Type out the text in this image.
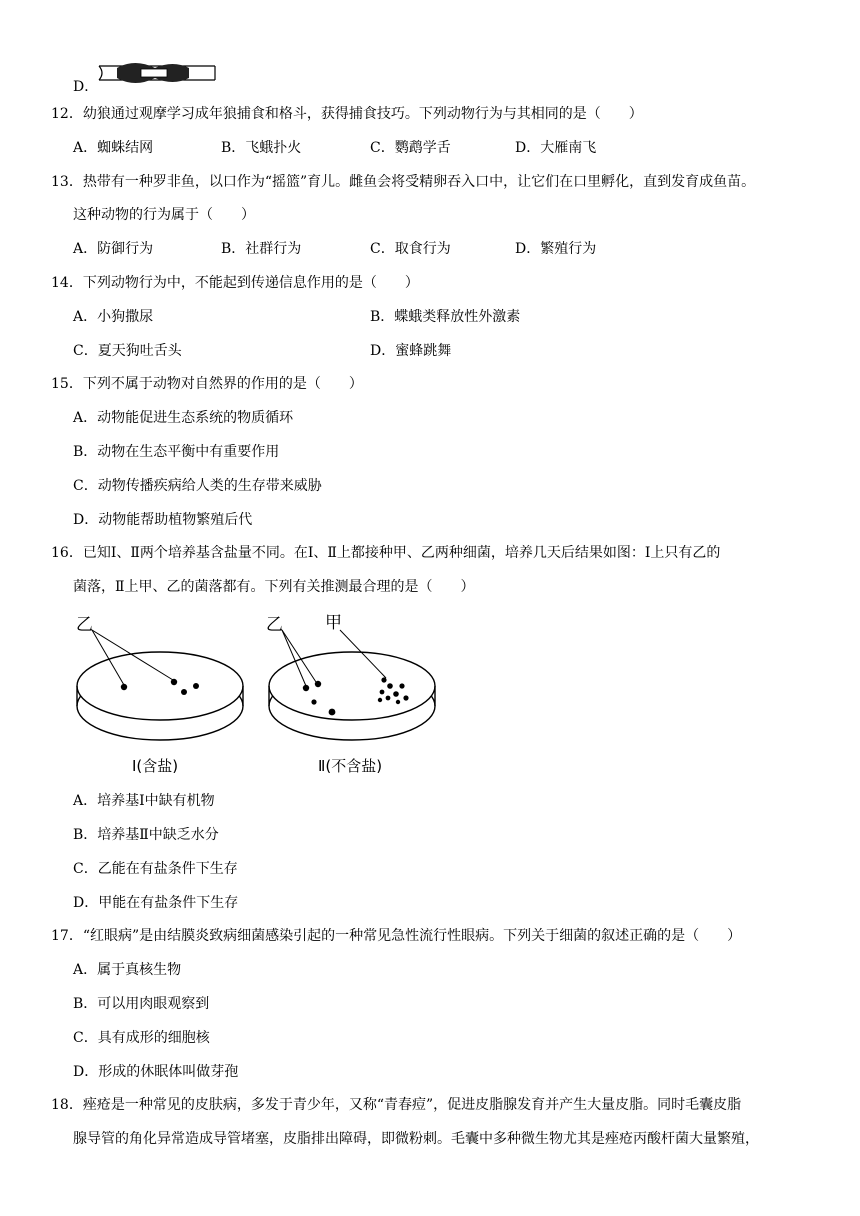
D．
12．幼狼通过观摩学习成年狼捕食和格斗，获得捕食技巧。下列动物行为与其相同的是（　　）
A．蜘蛛结网	B．飞蛾扑火	C．鹦鹉学舌	D．大雁南飞
13．热带有一种罗非鱼，以口作为“摇篮”育儿。雌鱼会将受精卵吞入口中，让它们在口里孵化，直到发育成鱼苗。
这种动物的行为属于（　　）
A．防御行为	B．社群行为	C．取食行为	D．繁殖行为
14．下列动物行为中，不能起到传递信息作用的是（　　）
A．小狗撒尿	B．蝶蛾类释放性外激素
C．夏天狗吐舌头	D．蜜蜂跳舞
15．下列不属于动物对自然界的作用的是（　　）
A．动物能促进生态系统的物质循环
B．动物在生态平衡中有重要作用
C．动物传播疾病给人类的生存带来威胁
D．动物能帮助植物繁殖后代
16．已知Ⅰ、Ⅱ两个培养基含盐量不同。在Ⅰ、Ⅱ上都接种甲、乙两种细菌，培养几天后结果如图：Ⅰ上只有乙的
菌落，Ⅱ上甲、乙的菌落都有。下列有关推测最合理的是（　　）
乙
Ⅰ(含盐)
乙 甲
Ⅱ(不含盐)
A．培养基Ⅰ中缺有机物
B．培养基Ⅱ中缺乏水分
C．乙能在有盐条件下生存
D．甲能在有盐条件下生存
17．“红眼病”是由结膜炎致病细菌感染引起的一种常见急性流行性眼病。下列关于细菌的叙述正确的是（　　）
A．属于真核生物
B．可以用肉眼观察到
C．具有成形的细胞核
D．形成的休眠体叫做芽孢
18．痤疮是一种常见的皮肤病，多发于青少年，又称“青春痘”，促进皮脂腺发育并产生大量皮脂。同时毛囊皮脂
腺导管的角化异常造成导管堵塞，皮脂排出障碍，即微粉刺。毛囊中多种微生物尤其是痤疮丙酸杆菌大量繁殖，
